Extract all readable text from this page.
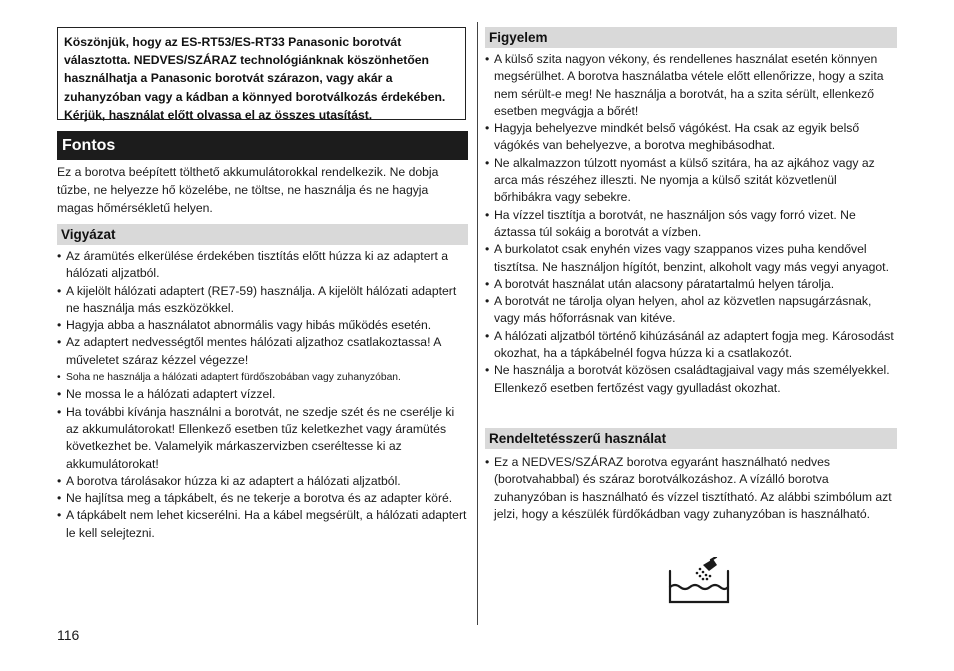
Köszönjük, hogy az ES-RT53/ES-RT33 Panasonic borotvát választotta. NEDVES/SZÁRAZ technológiánknak köszönhetően használhatja a Panasonic borotvát szárazon, vagy akár a zuhanyzóban vagy a kádban a könnyed borotválkozás érdekében. Kérjük, használat előtt olvassa el az összes utasítást.
Fontos
Ez a borotva beépített tölthető akkumulátorokkal rendelkezik. Ne dobja tűzbe, ne helyezze hő közelébe, ne töltse, ne használja és ne hagyja magas hőmérsékletű helyen.
Vigyázat
• Az áramütés elkerülése érdekében tisztítás előtt húzza ki az adaptert a hálózati aljzatból.
• A kijelölt hálózati adaptert (RE7-59) használja. A kijelölt hálózati adaptert ne használja más eszközökkel.
• Hagyja abba a használatot abnormális vagy hibás működés esetén.
• Az adaptert nedvességtől mentes hálózati aljzathoz csatlakoztassa! A műveletet száraz kézzel végezze!
• Soha ne használja a hálózati adaptert fürdőszobában vagy zuhanyzóban.
• Ne mossa le a hálózati adaptert vízzel.
• Ha további kívánja használni a borotvát, ne szedje szét és ne cserélje ki az akkumulátorokat! Ellenkező esetben tűz keletkezhet vagy áramütés következhet be. Valamelyik márkaszervizben cseréltesse ki az akkumulátorokat!
• A borotva tárolásakor húzza ki az adaptert a hálózati aljzatból.
• Ne hajlítsa meg a tápkábelt, és ne tekerje a borotva és az adapter köré.
• A tápkábelt nem lehet kicserélni. Ha a kábel megsérült, a hálózati adaptert le kell selejtezni.
Figyelem
• A külső szita nagyon vékony, és rendellenes használat esetén könnyen megsérülhet. A borotva használatba vétele előtt ellenőrizze, hogy a szita nem sérült-e meg! Ne használja a borotvát, ha a szita sérült, ellenkező esetben megvágja a bőrét!
• Hagyja behelyezve mindkét belső vágókést. Ha csak az egyik belső vágókés van behelyezve, a borotva meghibásodhat.
• Ne alkalmazzon túlzott nyomást a külső szitára, ha az ajkához vagy az arca más részéhez illeszti. Ne nyomja a külső szitát közvetlenül bőrhibákra vagy sebekre.
• Ha vízzel tisztítja a borotvát, ne használjon sós vagy forró vizet. Ne áztassa túl sokáig a borotvát a vízben.
• A burkolatot csak enyhén vizes vagy szappanos vizes puha kendővel tisztítsa. Ne használjon hígítót, benzint, alkoholt vagy más vegyi anyagot.
• A borotvát használat után alacsony páratartalmú helyen tárolja.
• A borotvát ne tárolja olyan helyen, ahol az közvetlen napsugárzásnak, vagy más hőforrásnak van kitéve.
• A hálózati aljzatból történő kihúzásánál az adaptert fogja meg. Károsodást okozhat, ha a tápkábelnél fogva húzza ki a csatlakozót.
• Ne használja a borotvát közösen családtagjaival vagy más személyekkel. Ellenkező esetben fertőzést vagy gyulladást okozhat.
Rendeltetésszerű használat
• Ez a NEDVES/SZÁRAZ borotva egyaránt használható nedves (borotvahabbal) és száraz borotválkozáshoz. A vízálló borotva zuhanyzóban is használható és vízzel tisztítható. Az alábbi szimbólum azt jelzi, hogy a készülék fürdőkádban vagy zuhanyzóban is használható.
116
